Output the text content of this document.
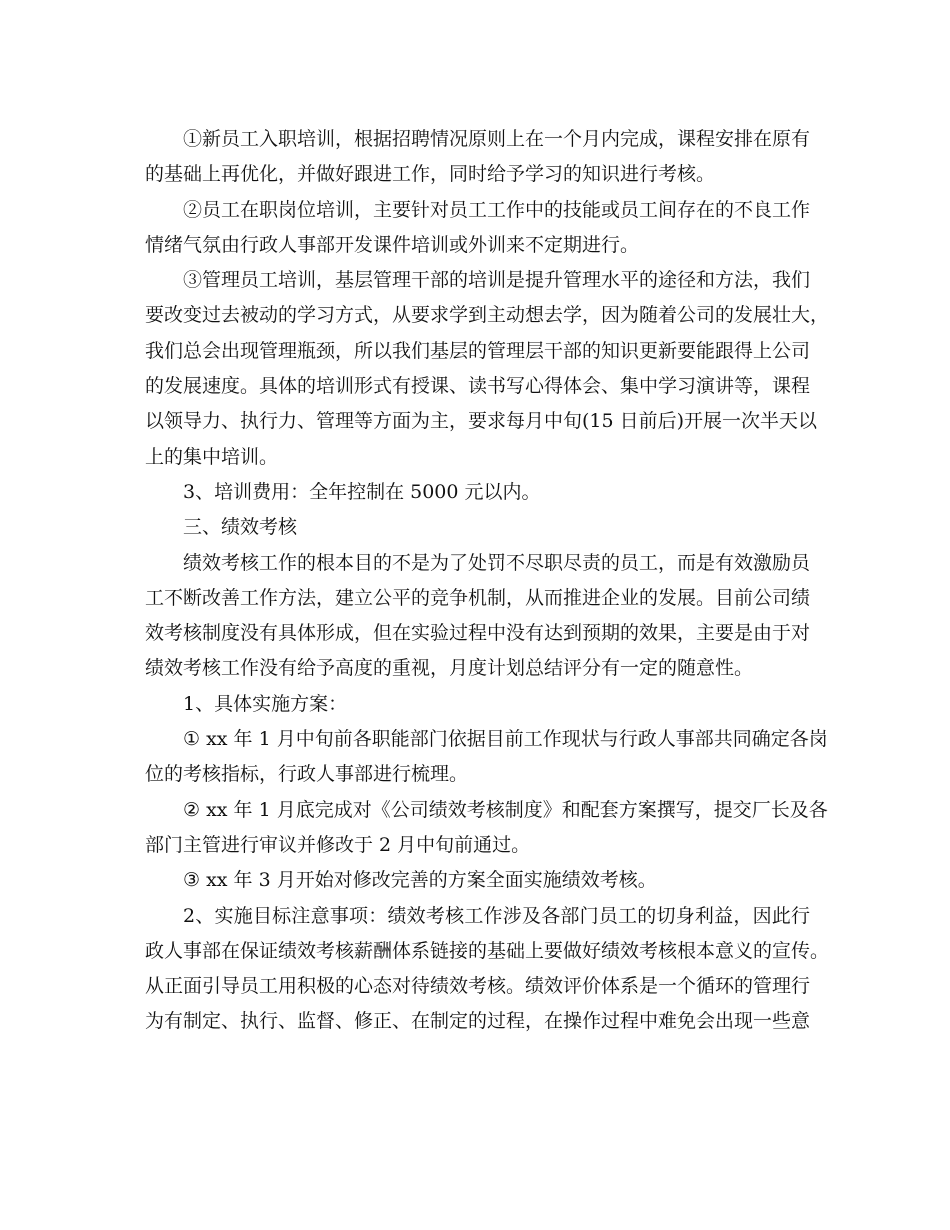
①新员工入职培训，根据招聘情况原则上在一个月内完成，课程安排在原有
的基础上再优化，并做好跟进工作，同时给予学习的知识进行考核。
②员工在职岗位培训，主要针对员工工作中的技能或员工间存在的不良工作
情绪气氛由行政人事部开发课件培训或外训来不定期进行。
③管理员工培训，基层管理干部的培训是提升管理水平的途径和方法，我们
要改变过去被动的学习方式，从要求学到主动想去学，因为随着公司的发展壮大，
我们总会出现管理瓶颈，所以我们基层的管理层干部的知识更新要能跟得上公司
的发展速度。具体的培训形式有授课、读书写心得体会、集中学习演讲等，课程
以领导力、执行力、管理等方面为主，要求每月中旬(15 日前后)开展一次半天以
上的集中培训。
3、培训费用：全年控制在 5000 元以内。
三、绩效考核
绩效考核工作的根本目的不是为了处罚不尽职尽责的员工，而是有效激励员
工不断改善工作方法，建立公平的竞争机制，从而推进企业的发展。目前公司绩
效考核制度没有具体形成，但在实验过程中没有达到预期的效果，主要是由于对
绩效考核工作没有给予高度的重视，月度计划总结评分有一定的随意性。
1、具体实施方案：
① xx 年 1 月中旬前各职能部门依据目前工作现状与行政人事部共同确定各岗
位的考核指标，行政人事部进行梳理。
② xx 年 1 月底完成对《公司绩效考核制度》和配套方案撰写，提交厂长及各
部门主管进行审议并修改于 2 月中旬前通过。
③ xx 年 3 月开始对修改完善的方案全面实施绩效考核。
2、实施目标注意事项：绩效考核工作涉及各部门员工的切身利益，因此行
政人事部在保证绩效考核薪酬体系链接的基础上要做好绩效考核根本意义的宣传。
从正面引导员工用积极的心态对待绩效考核。绩效评价体系是一个循环的管理行
为有制定、执行、监督、修正、在制定的过程，在操作过程中难免会出现一些意
